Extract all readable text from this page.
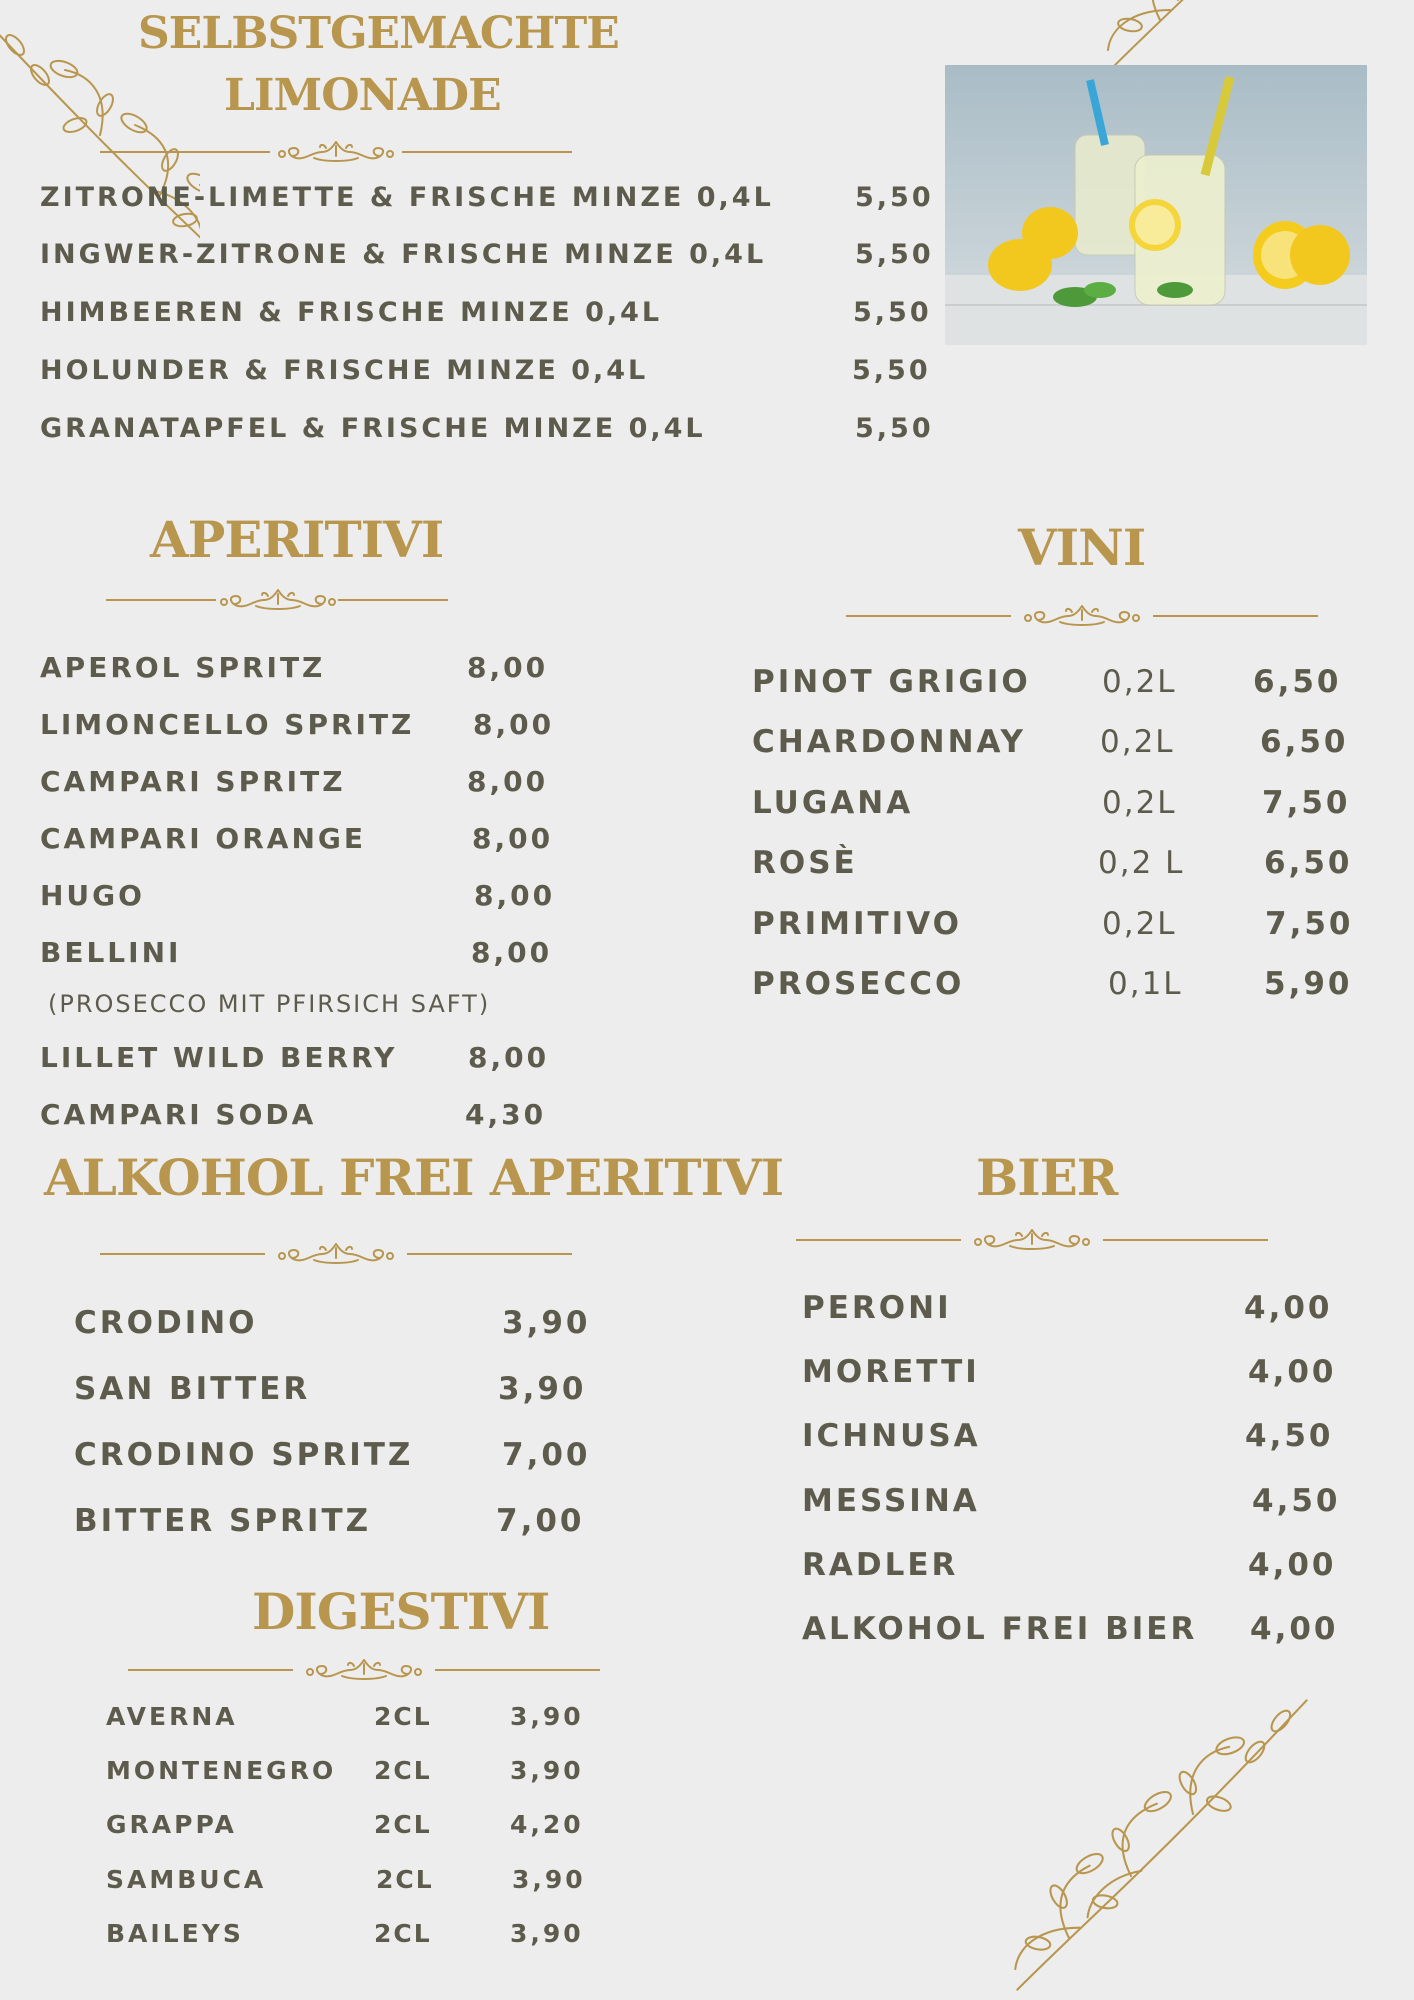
SELBSTGEMACHTE
LIMONADE
ZITRONE-LIMETTE & FRISCHE MINZE 0,4L	5,50
INGWER-ZITRONE & FRISCHE MINZE 0,4L	5,50
HIMBEEREN & FRISCHE MINZE 0,4L	5,50
HOLUNDER & FRISCHE MINZE 0,4L	5,50
GRANATAPFEL & FRISCHE MINZE 0,4L	5,50
APERITIVI
APEROL SPRITZ	8,00
LIMONCELLO SPRITZ 8,00
CAMPARI SPRITZ	8,00
CAMPARI ORANGE	8,00
HUGO	8,00
BELLINI	8,00
(PROSECCO MIT PFIRSICH SAFT)
LILLET WILD BERRY	8,00
CAMPARI SODA	4,30
VINI
PINOT GRIGIO 0,2L 6,50
CHARDONNAY 0,2L	6,50
LUGANA	0,2L	7,50
ROSÈ	0,2 L	6,50
PRIMITIVO	0,2L	7,50
PROSECCO	0,1L	5,90
ALKOHOL FREI APERITIVI
CRODINO	3,90
SAN BITTER	3,90
CRODINO SPRITZ	7,00
BITTER SPRITZ	7,00
BIER
PERONI	4,00
MORETTI	4,00
ICHNUSA	4,50
MESSINA	4,50
RADLER	4,00
ALKOHOL FREI BIER 4,00
DIGESTIVI
AVERNA	2CL	3,90
MONTENEGRO 2CL	3,90
GRAPPA	2CL	4,20
SAMBUCA	2CL	3,90
BAILEYS	2CL	3,90
